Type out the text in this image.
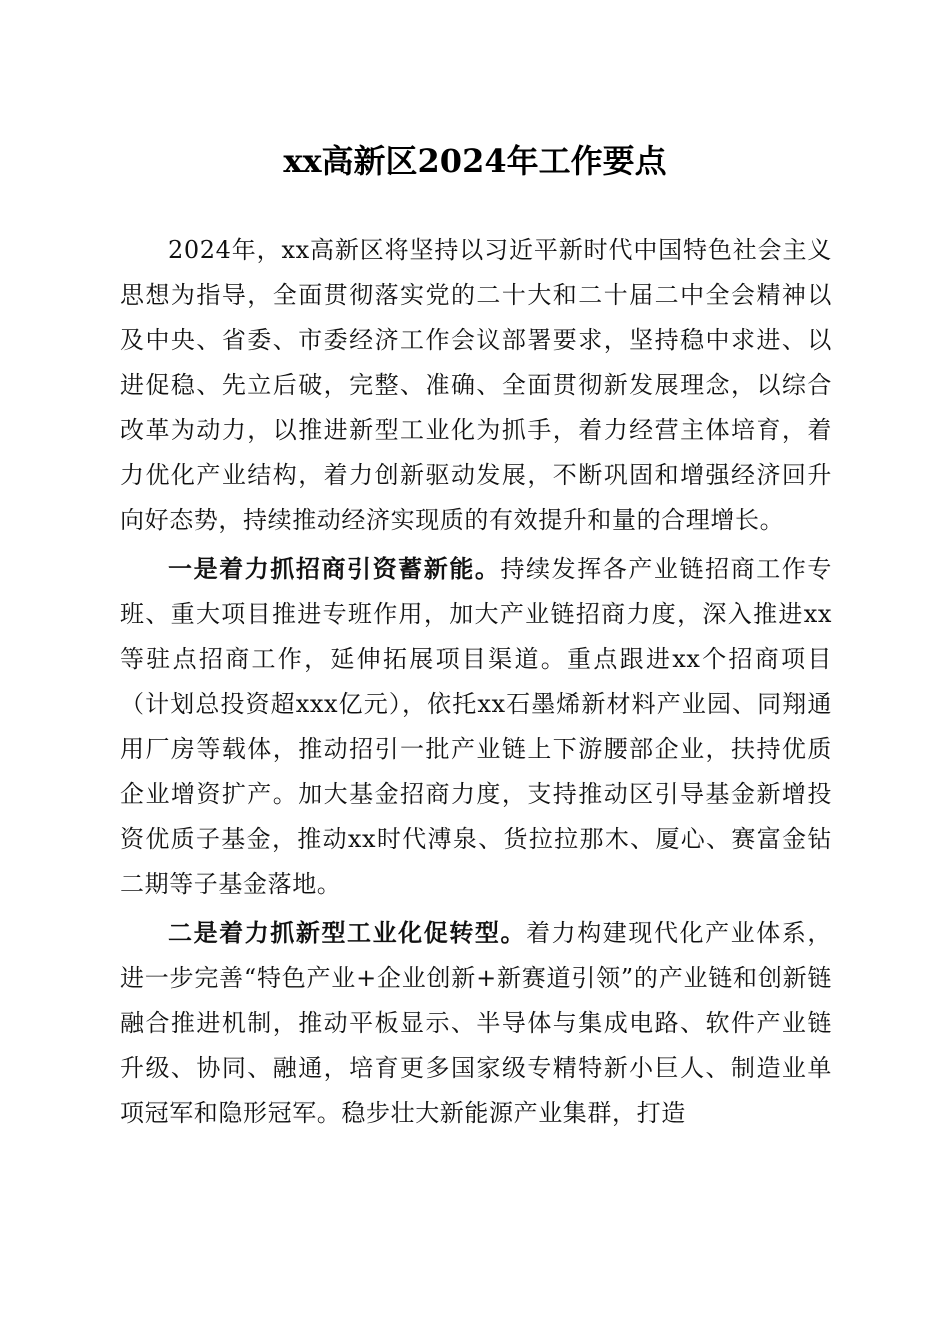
xx高新区2024年工作要点

2024年，xx高新区将坚持以习近平新时代中国特色社会主义思想为指导，全面贯彻落实党的二十大和二十届二中全会精神以及中央、省委、市委经济工作会议部署要求，坚持稳中求进、以进促稳、先立后破，完整、准确、全面贯彻新发展理念，以综合改革为动力，以推进新型工业化为抓手，着力经营主体培育，着力优化产业结构，着力创新驱动发展，不断巩固和增强经济回升向好态势，持续推动经济实现质的有效提升和量的合理增长。

一是着力抓招商引资蓄新能。持续发挥各产业链招商工作专班、重大项目推进专班作用，加大产业链招商力度，深入推进xx等驻点招商工作，延伸拓展项目渠道。重点跟进xx个招商项目（计划总投资超xxx亿元），依托xx石墨烯新材料产业园、同翔通用厂房等载体，推动招引一批产业链上下游腰部企业，扶持优质企业增资扩产。加大基金招商力度，支持推动区引导基金新增投资优质子基金，推动xx时代溥泉、货拉拉那木、厦心、赛富金钻二期等子基金落地。

二是着力抓新型工业化促转型。着力构建现代化产业体系，进一步完善“特色产业+企业创新+新赛道引领”的产业链和创新链融合推进机制，推动平板显示、半导体与集成电路、软件产业链升级、协同、融通，培育更多国家级专精特新小巨人、制造业单项冠军和隐形冠军。稳步壮大新能源产业集群，打造
